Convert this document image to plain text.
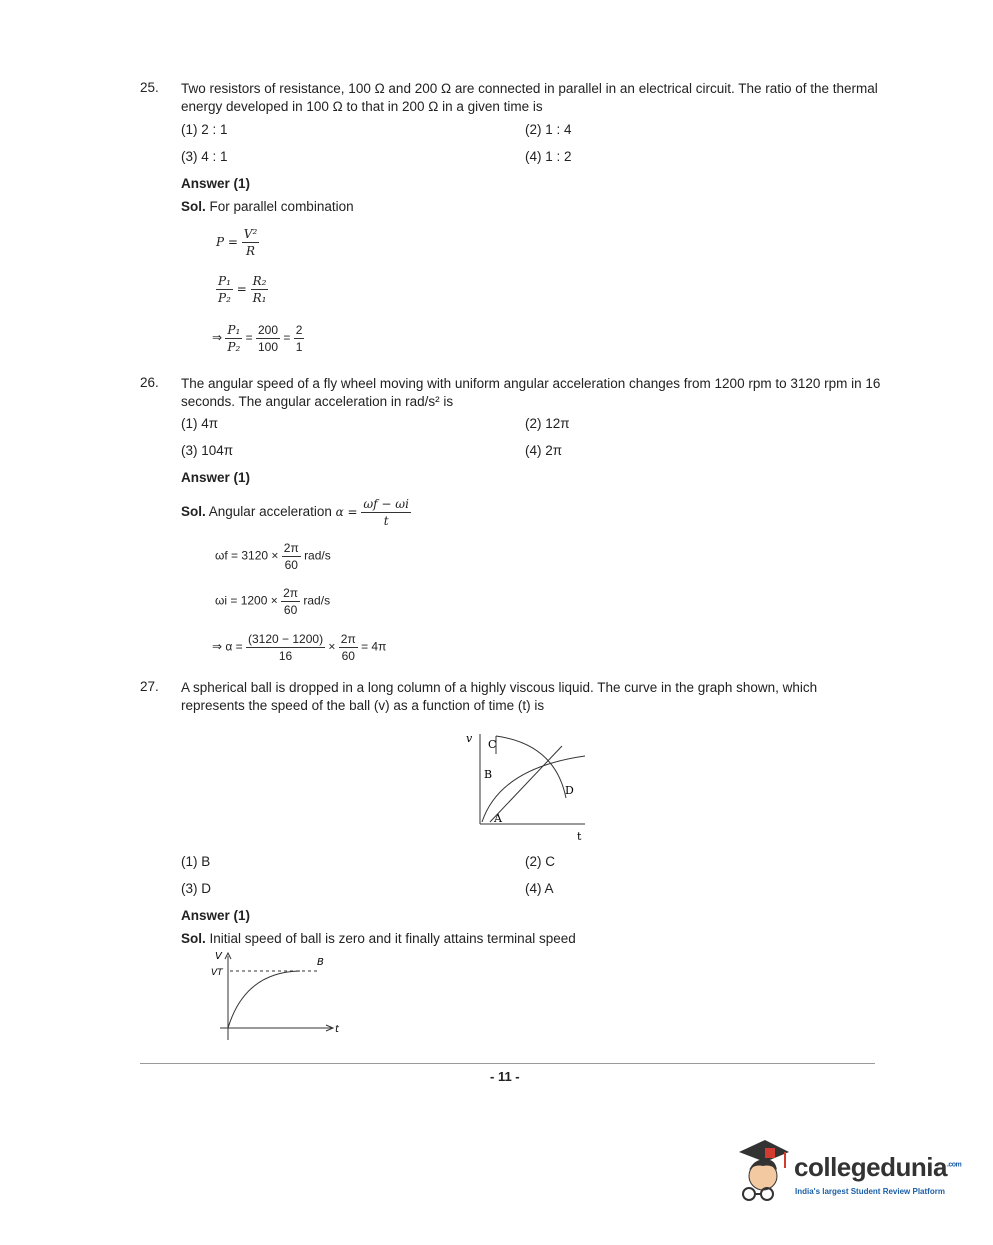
25. Two resistors of resistance, 100 Ω and 200 Ω are connected in parallel in an electrical circuit. The ratio of the thermal energy developed in 100 Ω to that in 200 Ω in a given time is
(1) 2 : 1	(2) 1 : 4
(3) 4 : 1	(4) 1 : 2
Answer (1)
Sol. For parallel combination
$P = \frac{\text{V²}}{R}$
$\frac{\text{P₁}}{\text{P₂}} = \frac{\text{R₂}}{\text{R₁}}$
⇒ $\frac{\text{P₁}}{\text{P₂}} = \frac{200}{100} = \frac{2}{1}$
26. The angular speed of a fly wheel moving with uniform angular acceleration changes from 1200 rpm to 3120 rpm in 16 seconds. The angular acceleration in rad/s² is
(1) 4π	(2) 12π
(3) 104π	(4) 2π
Answer (1)
Sol. Angular acceleration $\alpha = \frac{\omega f - \omega i}{t}$
$\omega f = 3120 \times \frac{2\pi}{60} rad/s$
$\omega i = 1200 \times \frac{2\pi}{60} rad/s$
⇒ $\alpha = \frac{(3120 - 1200)}{16} \times \frac{2\pi}{60} = 4\pi$
27. A spherical ball is dropped in a long column of a highly viscous liquid. The curve in the graph shown, which represents the speed of the ball (v) as a function of time (t) is
v
t
C
B
D
A
(1) B	(2) C
(3) D	(4) A
Answer (1)
Sol. Initial speed of ball is zero and it finally attains terminal speed
V
VT
B
t
- 11 -
collegedunia$^{.com}$
India's largest Student Review Platform
